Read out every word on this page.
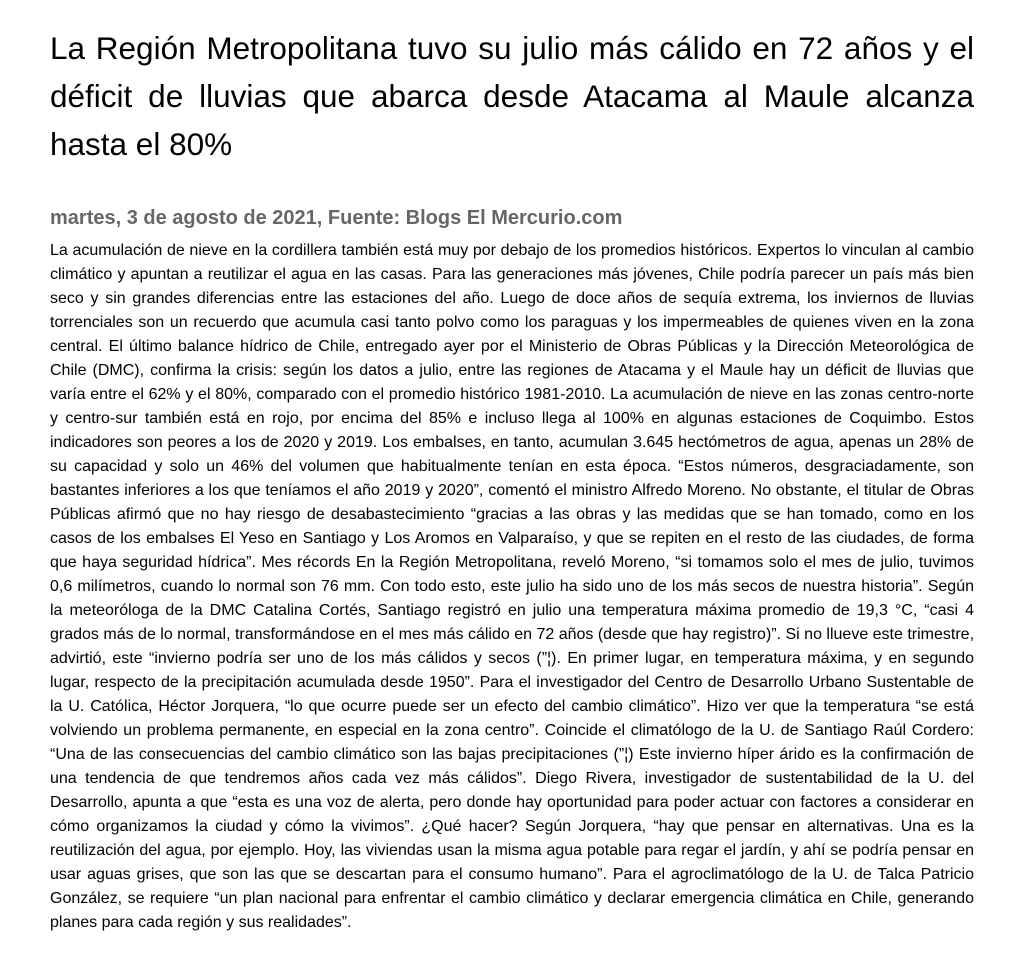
La Región Metropolitana tuvo su julio más cálido en 72 años y el déficit de lluvias que abarca desde Atacama al Maule alcanza hasta el 80%
martes, 3 de agosto de 2021, Fuente: Blogs El Mercurio.com

La acumulación de nieve en la cordillera también está muy por debajo de los promedios históricos. Expertos lo vinculan al cambio climático y apuntan a reutilizar el agua en las casas. Para las generaciones más jóvenes, Chile podría parecer un país más bien seco y sin grandes diferencias entre las estaciones del año. Luego de doce años de sequía extrema, los inviernos de lluvias torrenciales son un recuerdo que acumula casi tanto polvo como los paraguas y los impermeables de quienes viven en la zona central. El último balance hídrico de Chile, entregado ayer por el Ministerio de Obras Públicas y la Dirección Meteorológica de Chile (DMC), confirma la crisis: según los datos a julio, entre las regiones de Atacama y el Maule hay un déficit de lluvias que varía entre el 62% y el 80%, comparado con el promedio histórico 1981-2010. La acumulación de nieve en las zonas centro-norte y centro-sur también está en rojo, por encima del 85% e incluso llega al 100% en algunas estaciones de Coquimbo. Estos indicadores son peores a los de 2020 y 2019. Los embalses, en tanto, acumulan 3.645 hectómetros de agua, apenas un 28% de su capacidad y solo un 46% del volumen que habitualmente tenían en esta época. “Estos números, desgraciadamente, son bastantes inferiores a los que teníamos el año 2019 y 2020”, comentó el ministro Alfredo Moreno. No obstante, el titular de Obras Públicas afirmó que no hay riesgo de desabastecimiento “gracias a las obras y las medidas que se han tomado, como en los casos de los embalses El Yeso en Santiago y Los Aromos en Valparaíso, y que se repiten en el resto de las ciudades, de forma que haya seguridad hídrica”. Mes récords En la Región Metropolitana, reveló Moreno, “si tomamos solo el mes de julio, tuvimos 0,6 milímetros, cuando lo normal son 76 mm. Con todo esto, este julio ha sido uno de los más secos de nuestra historia”. Según la meteoróloga de la DMC Catalina Cortés, Santiago registró en julio una temperatura máxima promedio de 19,3 °C, “casi 4 grados más de lo normal, transformándose en el mes más cálido en 72 años (desde que hay registro)”. Si no llueve este trimestre, advirtió, este “invierno podría ser uno de los más cálidos y secos (”¦). En primer lugar, en temperatura máxima, y en segundo lugar, respecto de la precipitación acumulada desde 1950”. Para el investigador del Centro de Desarrollo Urbano Sustentable de la U. Católica, Héctor Jorquera, “lo que ocurre puede ser un efecto del cambio climático”. Hizo ver que la temperatura “se está volviendo un problema permanente, en especial en la zona centro”. Coincide el climatólogo de la U. de Santiago Raúl Cordero: “Una de las consecuencias del cambio climático son las bajas precipitaciones (”¦) Este invierno híper árido es la confirmación de una tendencia de que tendremos años cada vez más cálidos”. Diego Rivera, investigador de sustentabilidad de la U. del Desarrollo, apunta a que “esta es una voz de alerta, pero donde hay oportunidad para poder actuar con factores a considerar en cómo organizamos la ciudad y cómo la vivimos”. ¿Qué hacer? Según Jorquera, “hay que pensar en alternativas. Una es la reutilización del agua, por ejemplo. Hoy, las viviendas usan la misma agua potable para regar el jardín, y ahí se podría pensar en usar aguas grises, que son las que se descartan para el consumo humano”. Para el agroclimatólogo de la U. de Talca Patricio González, se requiere “un plan nacional para enfrentar el cambio climático y declarar emergencia climática en Chile, generando planes para cada región y sus realidades”.
